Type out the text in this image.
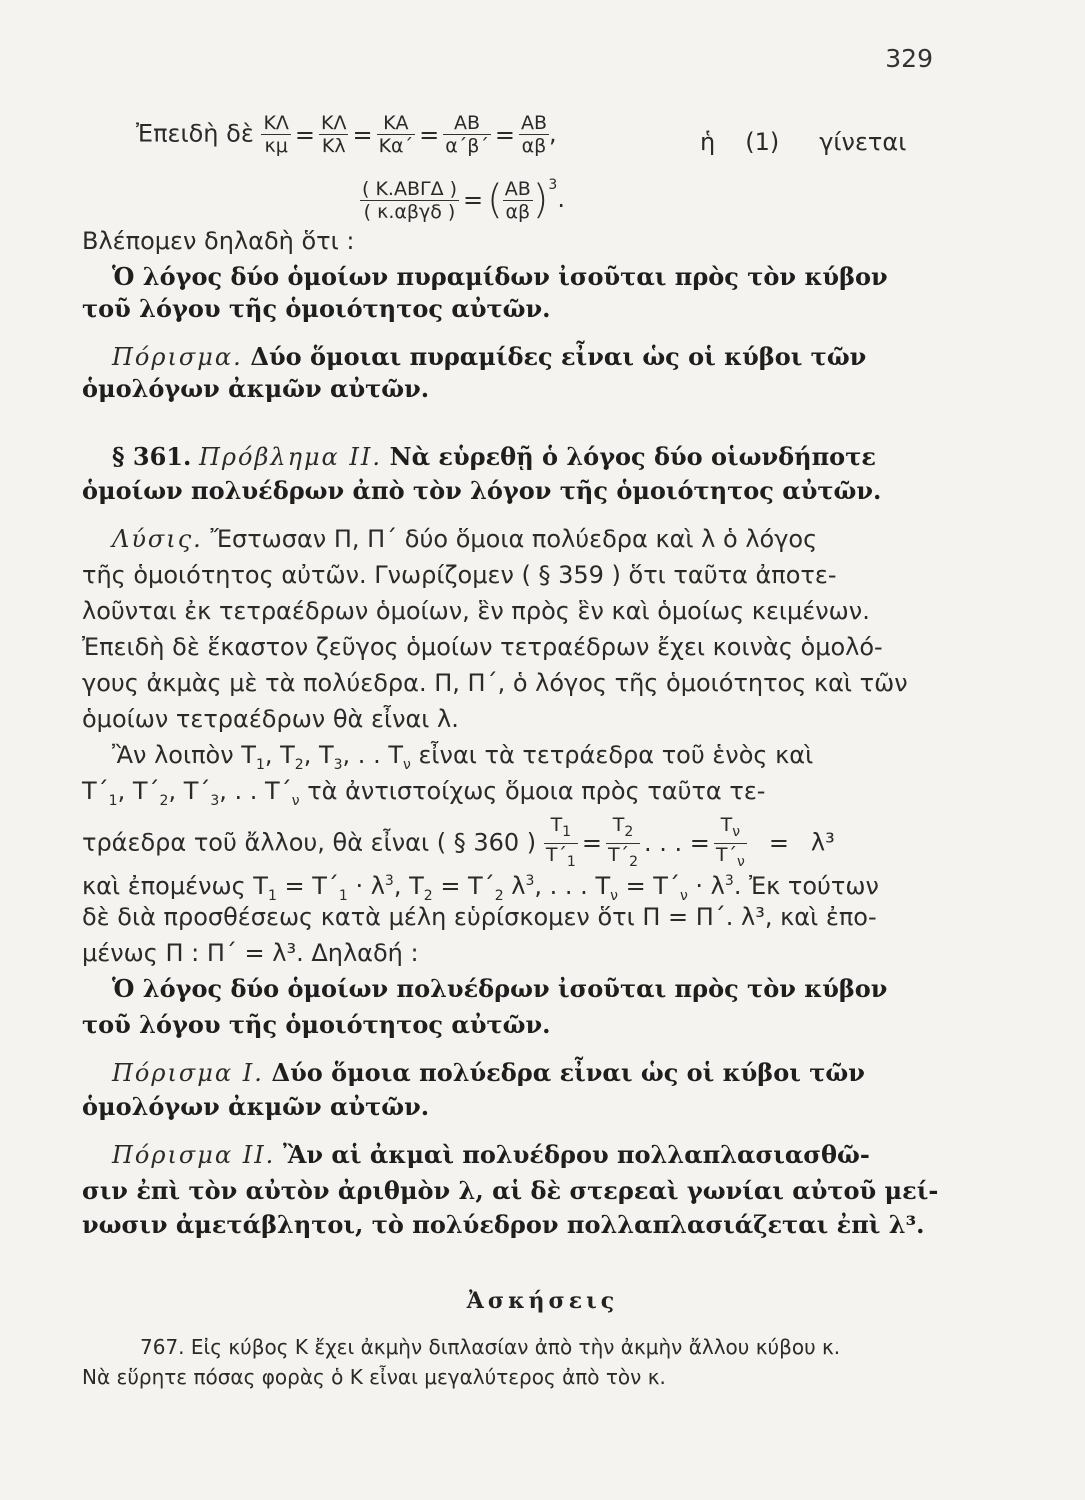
329
Ἐπειδὴ δὲ $\frac{K\Lambda}{\kappa\mu} = \frac{K\Lambda}{K\lambda} = \frac{KA}{K\alpha΄} = \frac{AB}{\alpha΄\beta΄} = \frac{AB}{\alpha\beta}$ ,	ἡ (1) γίνεται
$\frac{\text{( Κ.ΑΒΓΔ )}}{\text{( κ.αβγδ )}}$ = ( $\frac{AB}{\alpha\beta} )^3$.
Βλέπομεν δηλαδὴ ὅτι :
Ὁ λόγος δύο ὁμοίων πυραμίδων ἰσοῦται πρὸς τὸν κύβον
τοῦ λόγου τῆς ὁμοιότητος αὐτῶν.
Πόρισμα. Δύο ὅμοιαι πυραμίδες εἶναι ὡς οἱ κύβοι τῶν
ὁμολόγων ἀκμῶν αὐτῶν.
§ 361. Πρόβλημα ΙΙ. Νὰ εὑρεθῇ ὁ λόγος δύο οἱωνδήποτε
ὁμοίων πολυέδρων ἀπὸ τὸν λόγον τῆς ὁμοιότητος αὐτῶν.
Λύσις. Ἔστωσαν Π, Π΄ δύο ὅμοια πολύεδρα καὶ λ ὁ λόγος
τῆς ὁμοιότητος αὐτῶν. Γνωρίζομεν ( § 359 ) ὅτι ταῦτα ἀποτε-
λοῦνται ἐκ τετραέδρων ὁμοίων, ἓν πρὸς ἓν καὶ ὁμοίως κειμένων.
Ἐπειδὴ δὲ ἕκαστον ζεῦγος ὁμοίων τετραέδρων ἔχει κοινὰς ὁμολό-
γους ἀκμὰς μὲ τὰ πολύεδρα. Π, Π΄, ὁ λόγος τῆς ὁμοιότητος καὶ τῶν
ὁμοίων τετραέδρων θὰ εἶναι λ.
Ἂν λοιπὸν $T_1$, $T_2$, $T_3$, . . $T_\nu$ εἶναι τὰ τετράεδρα τοῦ ἑνὸς καὶ
$T΄_1$, $T΄_2$, $T΄_3$, . . $T΄_\nu$ τὰ ἀντιστοίχως ὅμοια πρὸς ταῦτα τε-
τράεδρα τοῦ ἄλλου, θὰ εἶναι ( § 360 ) $\frac{T_1}{T΄_1} = \frac{T_2}{T΄_2}$ . . . = $\frac{T_\nu}{T΄_\nu} = \lambda^3$
καὶ ἐπομένως $T_1 = T΄_1 \cdot \lambda^3$, $T_2 = T΄_2$ $\lambda^3$, . . . $T_\nu = T΄_\nu \cdot \lambda^3$. Ἐκ τούτων
δὲ διὰ προσθέσεως κατὰ μέλη εὑρίσκομεν ὅτι Π = Π΄. λ³, καὶ ἐπο-
μένως Π : Π΄ = λ³. Δηλαδή :
Ὁ λόγος δύο ὁμοίων πολυέδρων ἰσοῦται πρὸς τὸν κύβον
τοῦ λόγου τῆς ὁμοιότητος αὐτῶν.
Πόρισμα Ι. Δύο ὅμοια πολύεδρα εἶναι ὡς οἱ κύβοι τῶν
ὁμολόγων ἀκμῶν αὐτῶν.
Πόρισμα ΙΙ. Ἂν αἱ ἀκμαὶ πολυέδρου πολλαπλασιασθῶ-
σιν ἐπὶ τὸν αὐτὸν ἀριθμὸν λ, αἱ δὲ στερεαὶ γωνίαι αὐτοῦ μεί-
νωσιν ἀμετάβλητοι, τὸ πολύεδρον πολλαπλασιάζεται ἐπὶ λ³.
Ἀσκήσεις
767. Εἰς κύβος Κ ἔχει ἀκμὴν διπλασίαν ἀπὸ τὴν ἀκμὴν ἄλλου κύβου κ.
Νὰ εὕρητε πόσας φορὰς ὁ Κ εἶναι μεγαλύτερος ἀπὸ τὸν κ.
